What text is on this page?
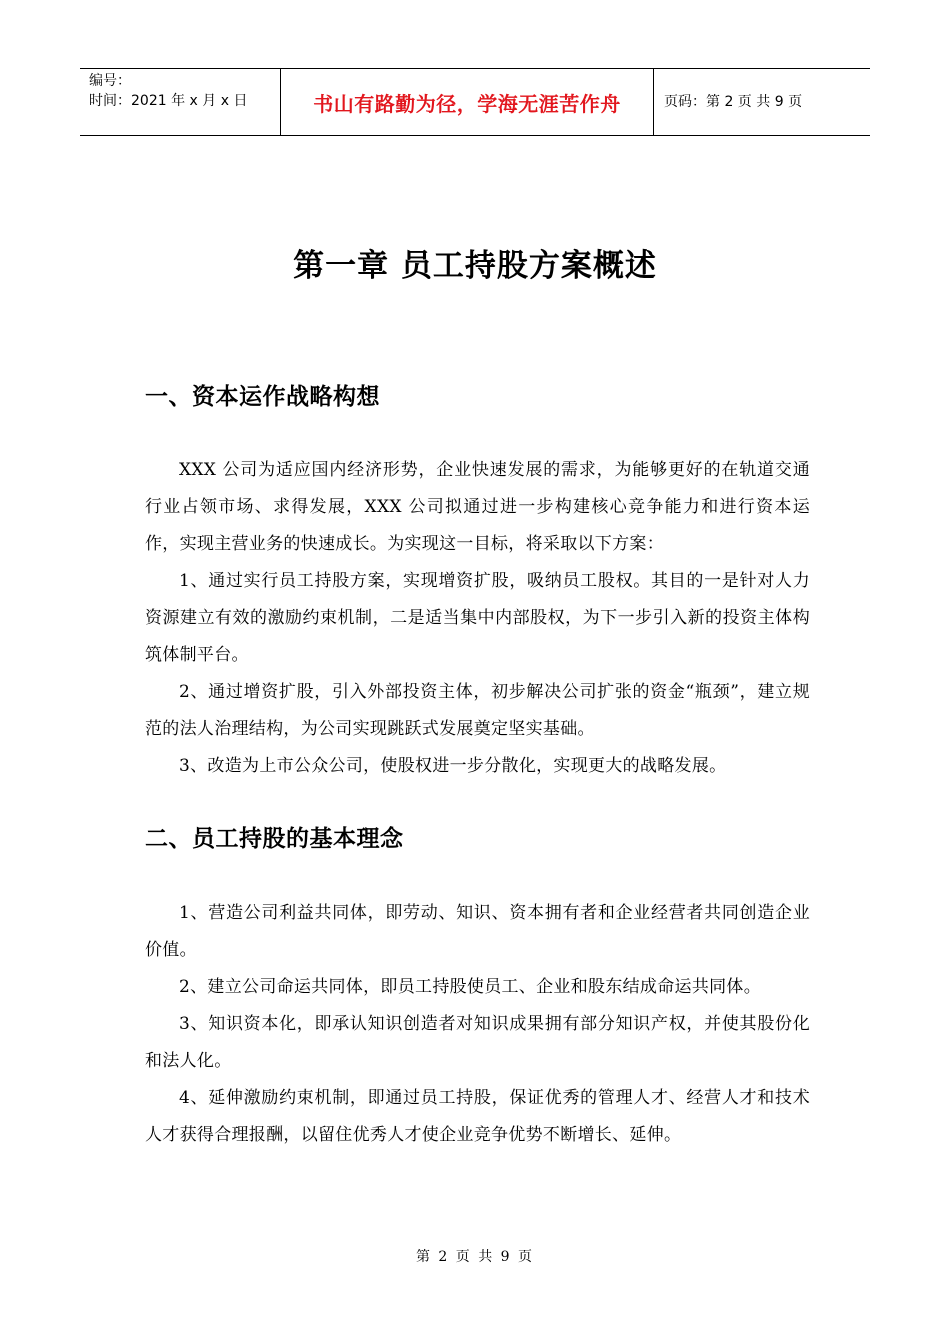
编号：
时间：2021 年 x 月 x 日	书山有路勤为径，学海无涯苦作舟	页码：第 2 页 共 9 页
第一章 员工持股方案概述
一、资本运作战略构想

XXX 公司为适应国内经济形势，企业快速发展的需求，为能够更好的在轨道交通行业占领市场、求得发展，XXX 公司拟通过进一步构建核心竞争能力和进行资本运作，实现主营业务的快速成长。为实现这一目标，将采取以下方案：

1、通过实行员工持股方案，实现增资扩股，吸纳员工股权。其目的一是针对人力资源建立有效的激励约束机制，二是适当集中内部股权，为下一步引入新的投资主体构筑体制平台。

2、通过增资扩股，引入外部投资主体，初步解决公司扩张的资金“瓶颈”，建立规范的法人治理结构，为公司实现跳跃式发展奠定坚实基础。

3、改造为上市公众公司，使股权进一步分散化，实现更大的战略发展。

二、员工持股的基本理念

1、营造公司利益共同体，即劳动、知识、资本拥有者和企业经营者共同创造企业价值。

2、建立公司命运共同体，即员工持股使员工、企业和股东结成命运共同体。

3、知识资本化，即承认知识创造者对知识成果拥有部分知识产权，并使其股份化和法人化。

4、延伸激励约束机制，即通过员工持股，保证优秀的管理人才、经营人才和技术人才获得合理报酬，以留住优秀人才使企业竞争优势不断增长、延伸。

第 2 页 共 9 页
